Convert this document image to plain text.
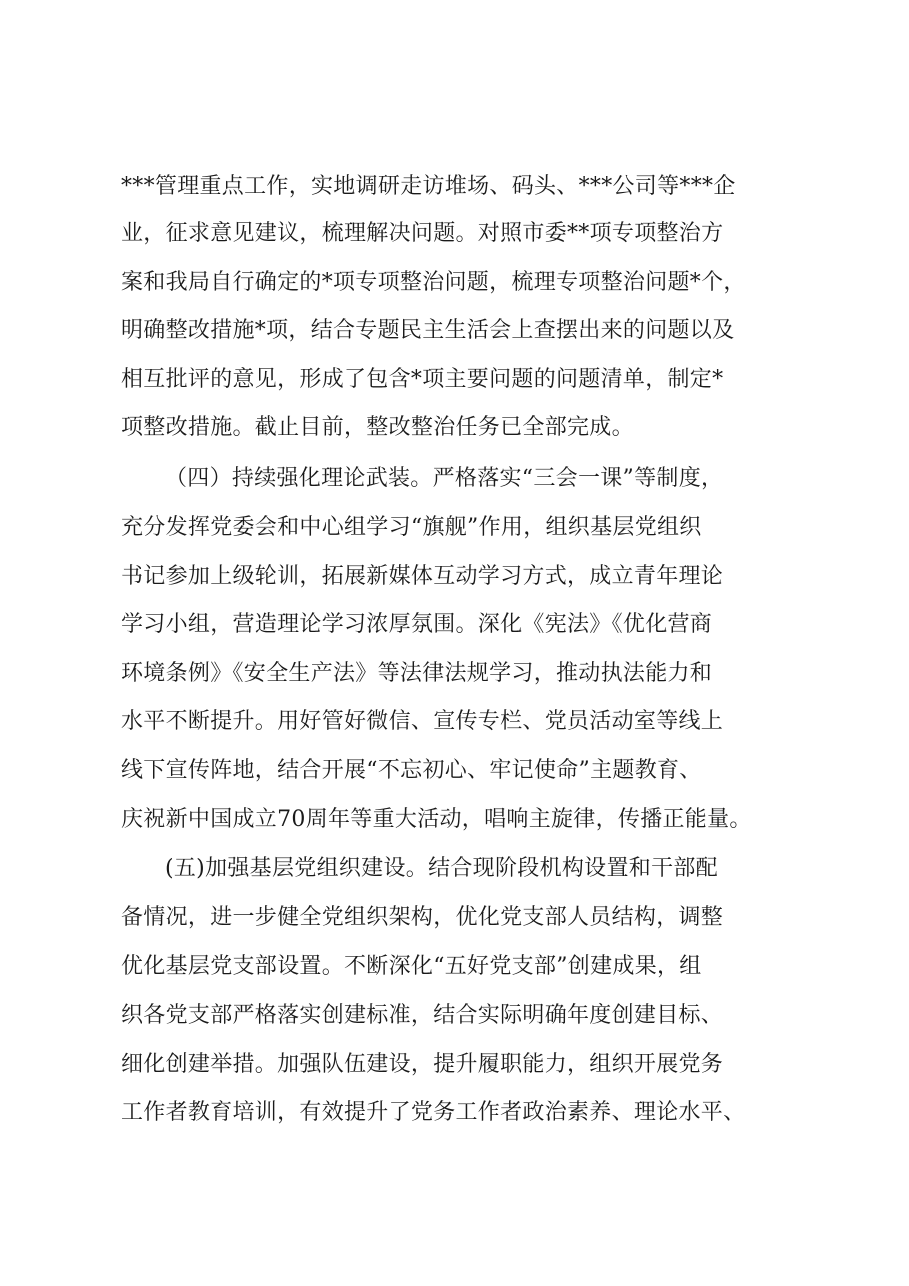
***管理重点工作，实地调研走访堆场、码头、***公司等***企
业，征求意见建议，梳理解决问题。对照市委**项专项整治方
案和我局自行确定的*项专项整治问题，梳理专项整治问题*个，
明确整改措施*项，结合专题民主生活会上查摆出来的问题以及
相互批评的意见，形成了包含*项主要问题的问题清单，制定*
项整改措施。截止目前，整改整治任务已全部完成。
（四）持续强化理论武装。严格落实“三会一课”等制度，
充分发挥党委会和中心组学习“旗舰”作用，组织基层党组织
书记参加上级轮训，拓展新媒体互动学习方式，成立青年理论
学习小组，营造理论学习浓厚氛围。深化《宪法》《优化营商
环境条例》《安全生产法》等法律法规学习，推动执法能力和
水平不断提升。用好管好微信、宣传专栏、党员活动室等线上
线下宣传阵地，结合开展“不忘初心、牢记使命”主题教育、
庆祝新中国成立70周年等重大活动，唱响主旋律，传播正能量。
(五)加强基层党组织建设。结合现阶段机构设置和干部配
备情况，进一步健全党组织架构，优化党支部人员结构，调整
优化基层党支部设置。不断深化“五好党支部”创建成果，组
织各党支部严格落实创建标准，结合实际明确年度创建目标、
细化创建举措。加强队伍建设，提升履职能力，组织开展党务
工作者教育培训，有效提升了党务工作者政治素养、理论水平、
